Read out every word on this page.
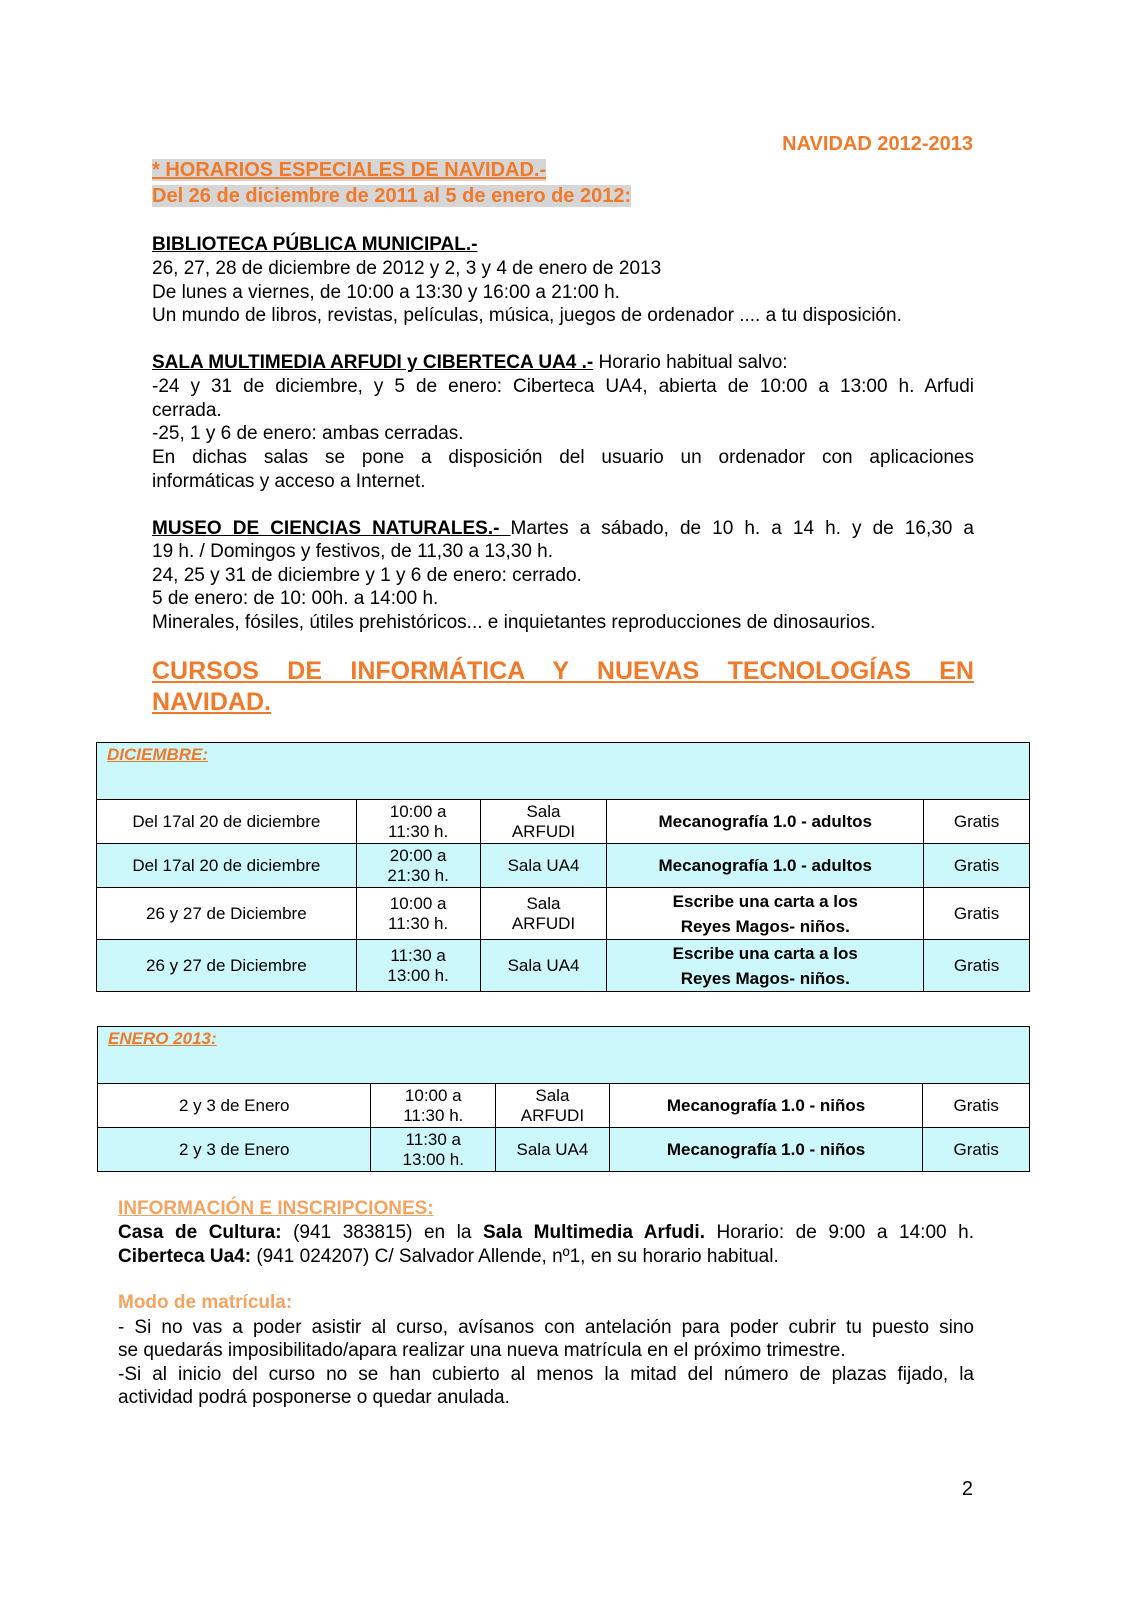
NAVIDAD 2012-2013
* HORARIOS ESPECIALES DE NAVIDAD.-
Del 26 de diciembre de 2011 al 5 de enero de 2012:
BIBLIOTECA PÚBLICA MUNICIPAL.-
26, 27, 28 de diciembre de 2012 y 2, 3 y 4 de enero de 2013
De lunes a viernes, de 10:00 a 13:30 y 16:00 a 21:00 h.
Un mundo de libros, revistas, películas, música, juegos de ordenador .... a tu disposición.
SALA MULTIMEDIA ARFUDI y CIBERTECA UA4 .- Horario habitual salvo:
-24 y 31 de diciembre, y 5 de enero: Ciberteca UA4, abierta de 10:00 a 13:00 h. Arfudi
cerrada.
-25, 1 y 6 de enero: ambas cerradas.
En dichas salas se pone a disposición del usuario un ordenador con aplicaciones
informáticas y acceso a Internet.
MUSEO DE CIENCIAS NATURALES.- Martes a sábado, de 10 h. a 14 h. y de 16,30 a
19 h. / Domingos y festivos, de 11,30 a 13,30 h.
24, 25 y 31 de diciembre y 1 y 6 de enero: cerrado.
5 de enero: de 10: 00h. a 14:00 h.
Minerales, fósiles, útiles prehistóricos... e inquietantes reproducciones de dinosaurios.
CURSOS DE INFORMÁTICA Y NUEVAS TECNOLOGÍAS EN
NAVIDAD.
DICIEMBRE:				
Del 17al 20 de diciembre	10:00 a
11:30 h.	Sala
ARFUDI	Mecanografía 1.0 - adultos	Gratis
Del 17al 20 de diciembre	20:00 a
21:30 h.	Sala UA4	Mecanografía 1.0 - adultos	Gratis
26 y 27 de Diciembre	10:00 a
11:30 h.	Sala
ARFUDI	Escribe una carta a los
Reyes Magos- niños.	Gratis
26 y 27 de Diciembre	11:30 a
13:00 h.	Sala UA4	Escribe una carta a los
Reyes Magos- niños.	Gratis
ENERO 2013:				
2 y 3 de Enero	10:00 a
11:30 h.	Sala
ARFUDI	Mecanografía 1.0 - niños	Gratis
2 y 3 de Enero	11:30 a
13:00 h.	Sala UA4	Mecanografía 1.0 - niños	Gratis
INFORMACIÓN E INSCRIPCIONES:
Casa de Cultura: (941 383815) en la Sala Multimedia Arfudi. Horario: de 9:00 a 14:00 h.
Ciberteca Ua4: (941 024207) C/ Salvador Allende, nº1, en su horario habitual.
Modo de matrícula:
- Si no vas a poder asistir al curso, avísanos con antelación para poder cubrir tu puesto sino
se quedarás imposibilitado/apara realizar una nueva matrícula en el próximo trimestre.
-Si al inicio del curso no se han cubierto al menos la mitad del número de plazas fijado, la
actividad podrá posponerse o quedar anulada.
2
